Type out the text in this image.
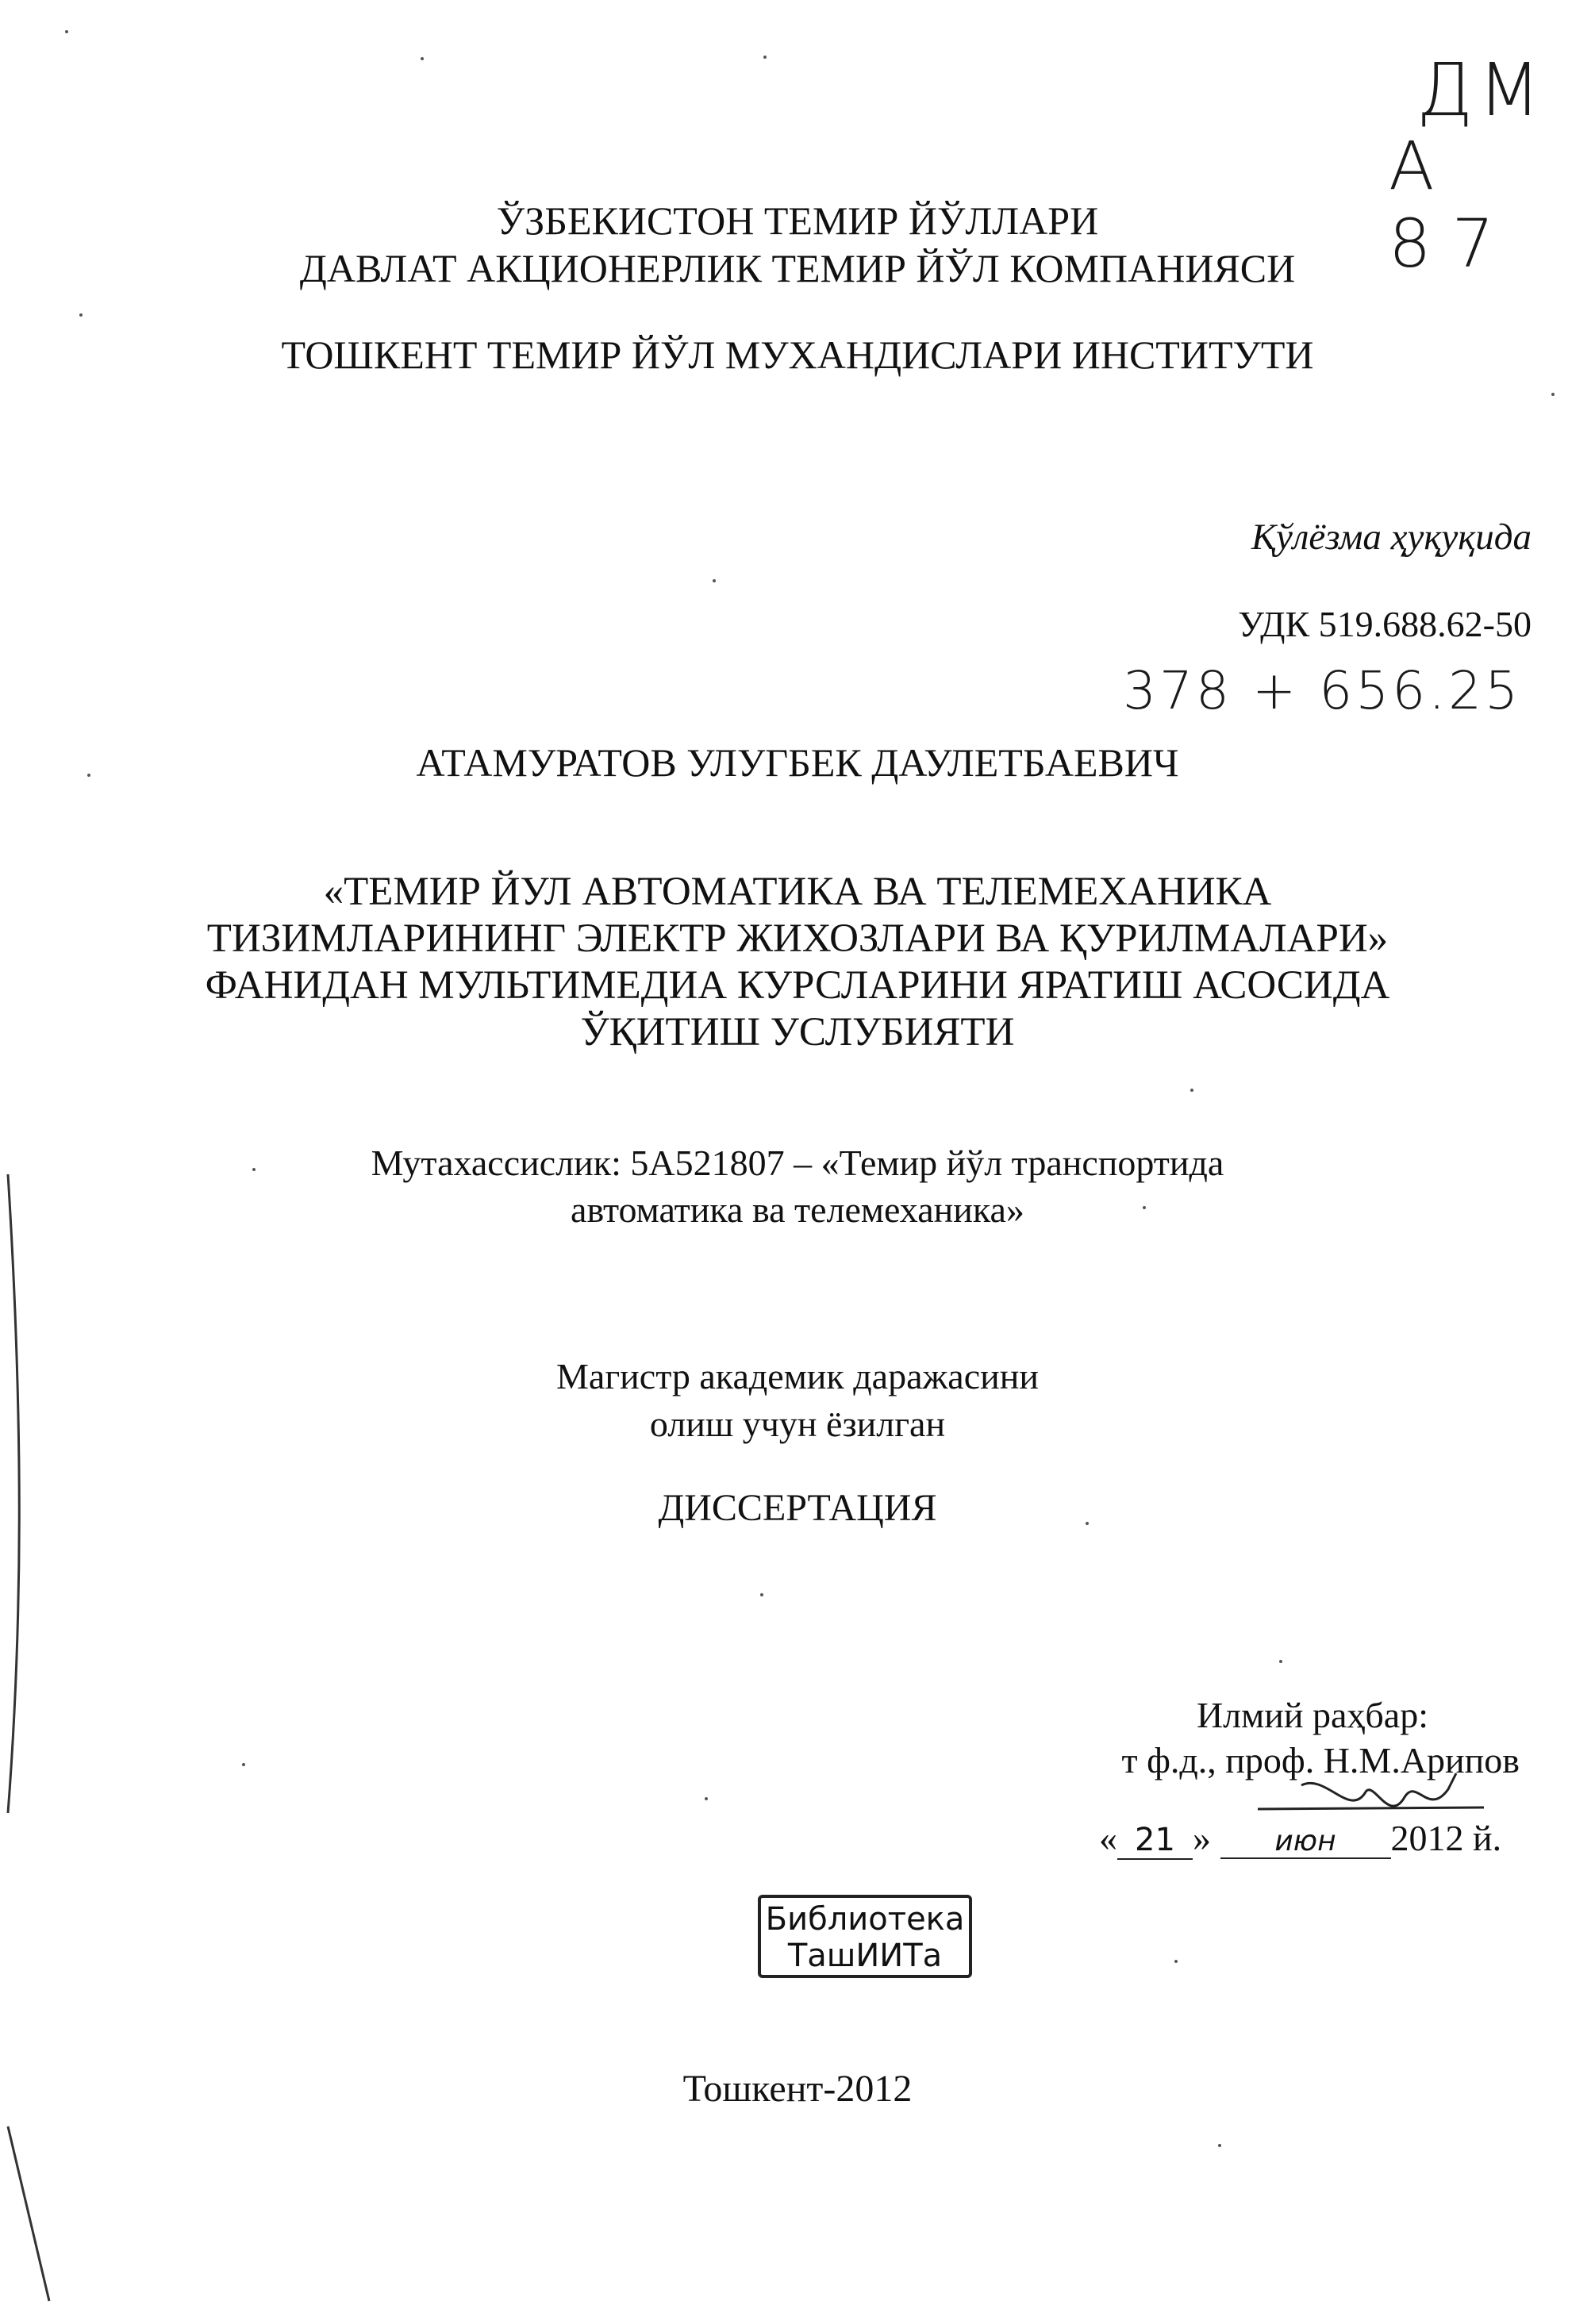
ДМ
А 87
ЎЗБЕКИСТОН ТЕМИР ЙЎЛЛАРИ
ДАВЛАТ АКЦИОНЕРЛИК ТЕМИР ЙЎЛ КОМПАНИЯСИ
ТОШКЕНТ ТЕМИР ЙЎЛ МУХАНДИСЛАРИ ИНСТИТУТИ
Қўлёзма ҳуқуқида
УДК 519.688.62-50
378 + 656.25
АТАМУРАТОВ УЛУГБЕК ДАУЛЕТБАЕВИЧ
«ТЕМИР ЙУЛ АВТОМАТИКА ВА ТЕЛЕМЕХАНИКА
ТИЗИМЛАРИНИНГ ЭЛЕКТР ЖИХОЗЛАРИ ВА ҚУРИЛМАЛАРИ»
ФАНИДАН МУЛЬТИМЕДИА КУРСЛАРИНИ ЯРАТИШ АСОСИДА
ЎҚИТИШ УСЛУБИЯТИ
Мутахассислик: 5А521807 – «Темир йўл транспортида
автоматика ва телемеханика»
Магистр академик даражасини
олиш учун ёзилган
ДИССЕРТАЦИЯ
Илмий раҳбар:
т ф.д., проф. Н.М.Арипов
« 21 » июн 2012 й.
Библиотека
ТашИИТа
Тошкент-2012
